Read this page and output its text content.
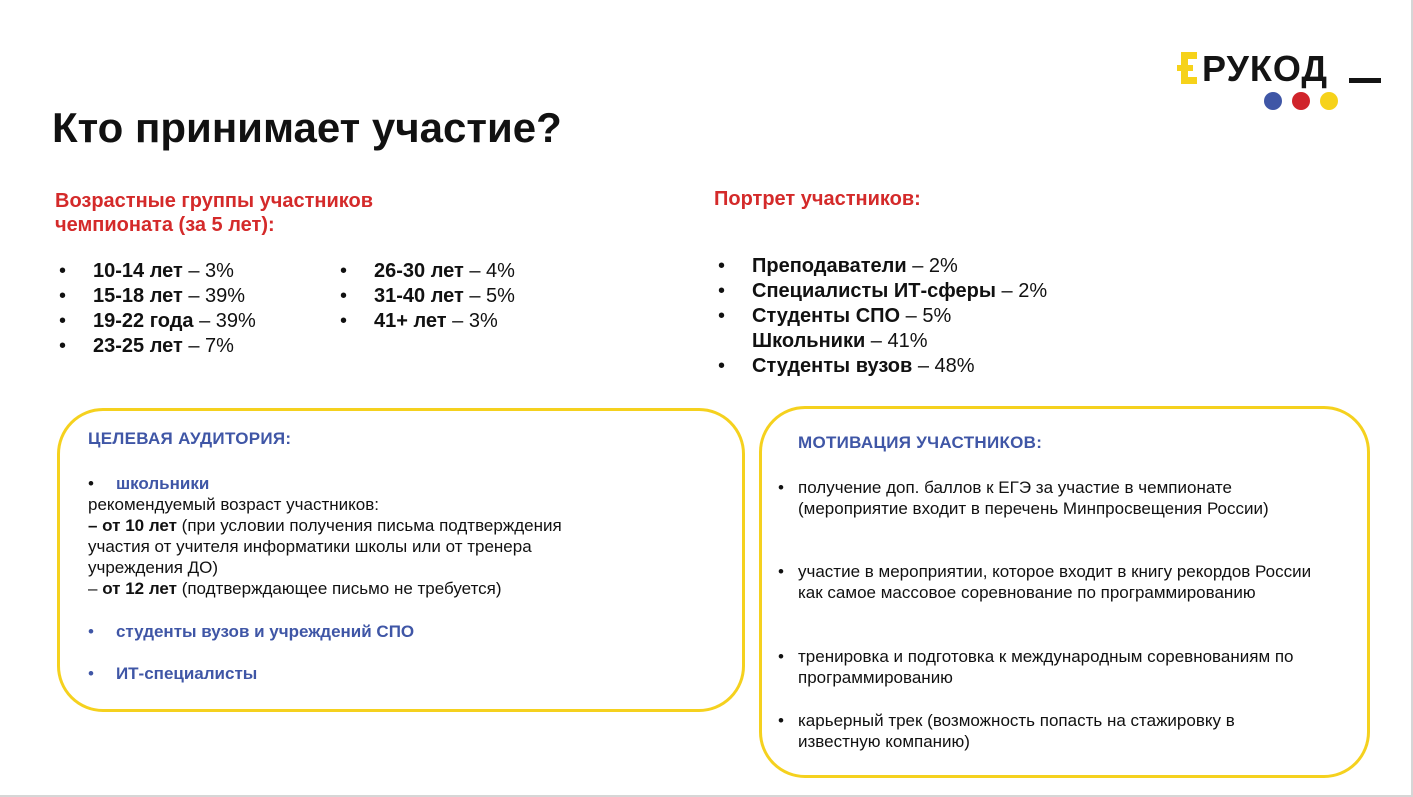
РУКОД
Кто принимает участие?
Возрастные группы участников
чемпионата (за 5 лет):
• 10-14 лет – 3%
• 15-18 лет – 39%
• 19-22 года – 39%
• 23-25 лет – 7%
• 26-30 лет – 4%
• 31-40 лет – 5%
• 41+ лет – 3%
Портрет участников:
• Преподаватели – 2%
• Специалисты ИТ-сферы – 2%
• Студенты СПО – 5%
Школьники – 41%
• Студенты вузов – 48%
ЦЕЛЕВАЯ АУДИТОРИЯ:
• школьники
рекомендуемый возраст участников:
– от 10 лет (при условии получения письма подтверждения
участия от учителя информатики школы или от тренера
учреждения ДО)
– от 12 лет (подтверждающее письмо не требуется)
• студенты вузов и учреждений СПО
• ИТ-специалисты
МОТИВАЦИЯ УЧАСТНИКОВ:
• получение доп. баллов к ЕГЭ за участие в чемпионате (мероприятие входит в перечень Минпросвещения России)
• участие в мероприятии, которое входит в книгу рекордов России как самое массовое соревнование по программированию
• тренировка и подготовка к международным соревнованиям по программированию
• карьерный трек (возможность попасть на стажировку в известную компанию)
